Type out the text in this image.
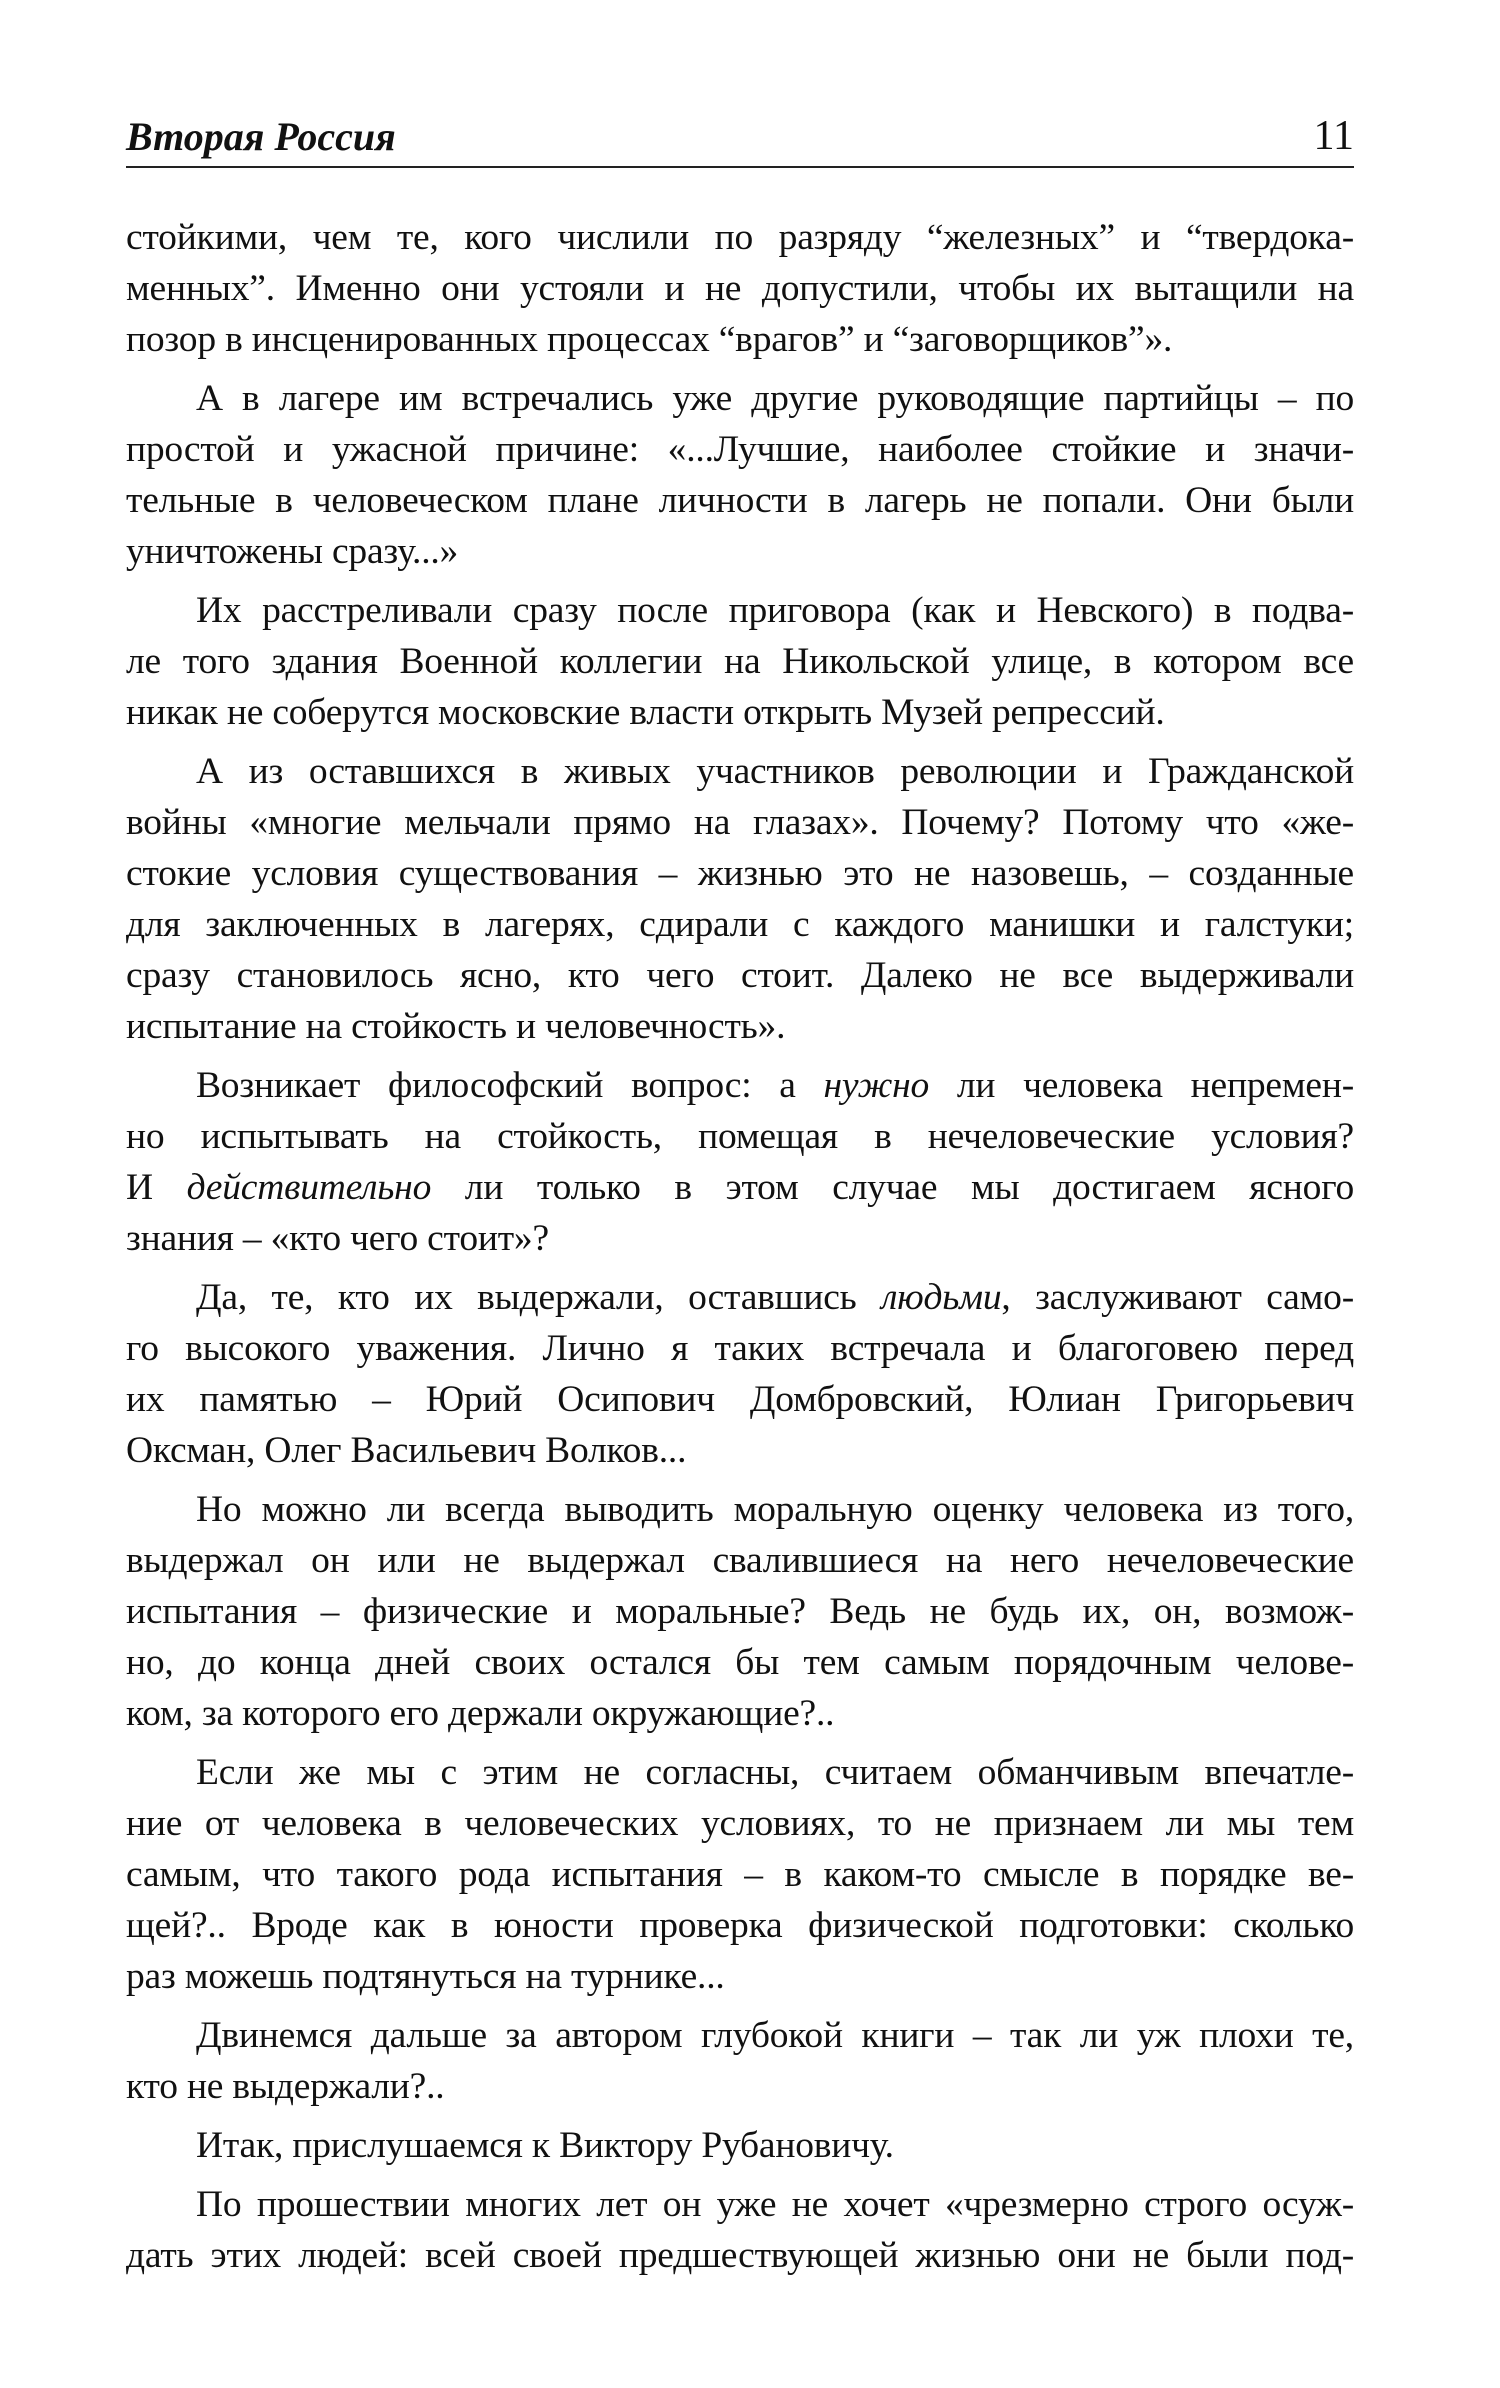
Вторая Россия	11
стойкими, чем те, кого числили по разряду “железных” и “твердока-
менных”. Именно они устояли и не допустили, чтобы их вытащили на
позор в инсценированных процессах “врагов” и “заговорщиков”».
А в лагере им встречались уже другие руководящие партийцы – по
простой и ужасной причине: «...Лучшие, наиболее стойкие и значи-
тельные в человеческом плане личности в лагерь не попали. Они были
уничтожены сразу...»
Их расстреливали сразу после приговора (как и Невского) в подва-
ле того здания Военной коллегии на Никольской улице, в котором все
никак не соберутся московские власти открыть Музей репрессий.
А из оставшихся в живых участников революции и Гражданской
войны «многие мельчали прямо на глазах». Почему? Потому что «же-
стокие условия существования – жизнью это не назовешь, – созданные
для заключенных в лагерях, сдирали с каждого манишки и галстуки;
сразу становилось ясно, кто чего стоит. Далеко не все выдерживали
испытание на стойкость и человечность».
Возникает философский вопрос: а нужно ли человека непремен-
но испытывать на стойкость, помещая в нечеловеческие условия?
И действительно ли только в этом случае мы достигаем ясного
знания – «кто чего стоит»?
Да, те, кто их выдержали, оставшись людьми, заслуживают само-
го высокого уважения. Лично я таких встречала и благоговею перед
их памятью – Юрий Осипович Домбровский, Юлиан Григорьевич
Оксман, Олег Васильевич Волков...
Но можно ли всегда выводить моральную оценку человека из того,
выдержал он или не выдержал свалившиеся на него нечеловеческие
испытания – физические и моральные? Ведь не будь их, он, возмож-
но, до конца дней своих остался бы тем самым порядочным челове-
ком, за которого его держали окружающие?..
Если же мы с этим не согласны, считаем обманчивым впечатле-
ние от человека в человеческих условиях, то не признаем ли мы тем
самым, что такого рода испытания – в каком-то смысле в порядке ве-
щей?.. Вроде как в юности проверка физической подготовки: сколько
раз можешь подтянуться на турнике...
Двинемся дальше за автором глубокой книги – так ли уж плохи те,
кто не выдержали?..
Итак, прислушаемся к Виктору Рубановичу.
По прошествии многих лет он уже не хочет «чрезмерно строго осуж-
дать этих людей: всей своей предшествующей жизнью они не были под-
